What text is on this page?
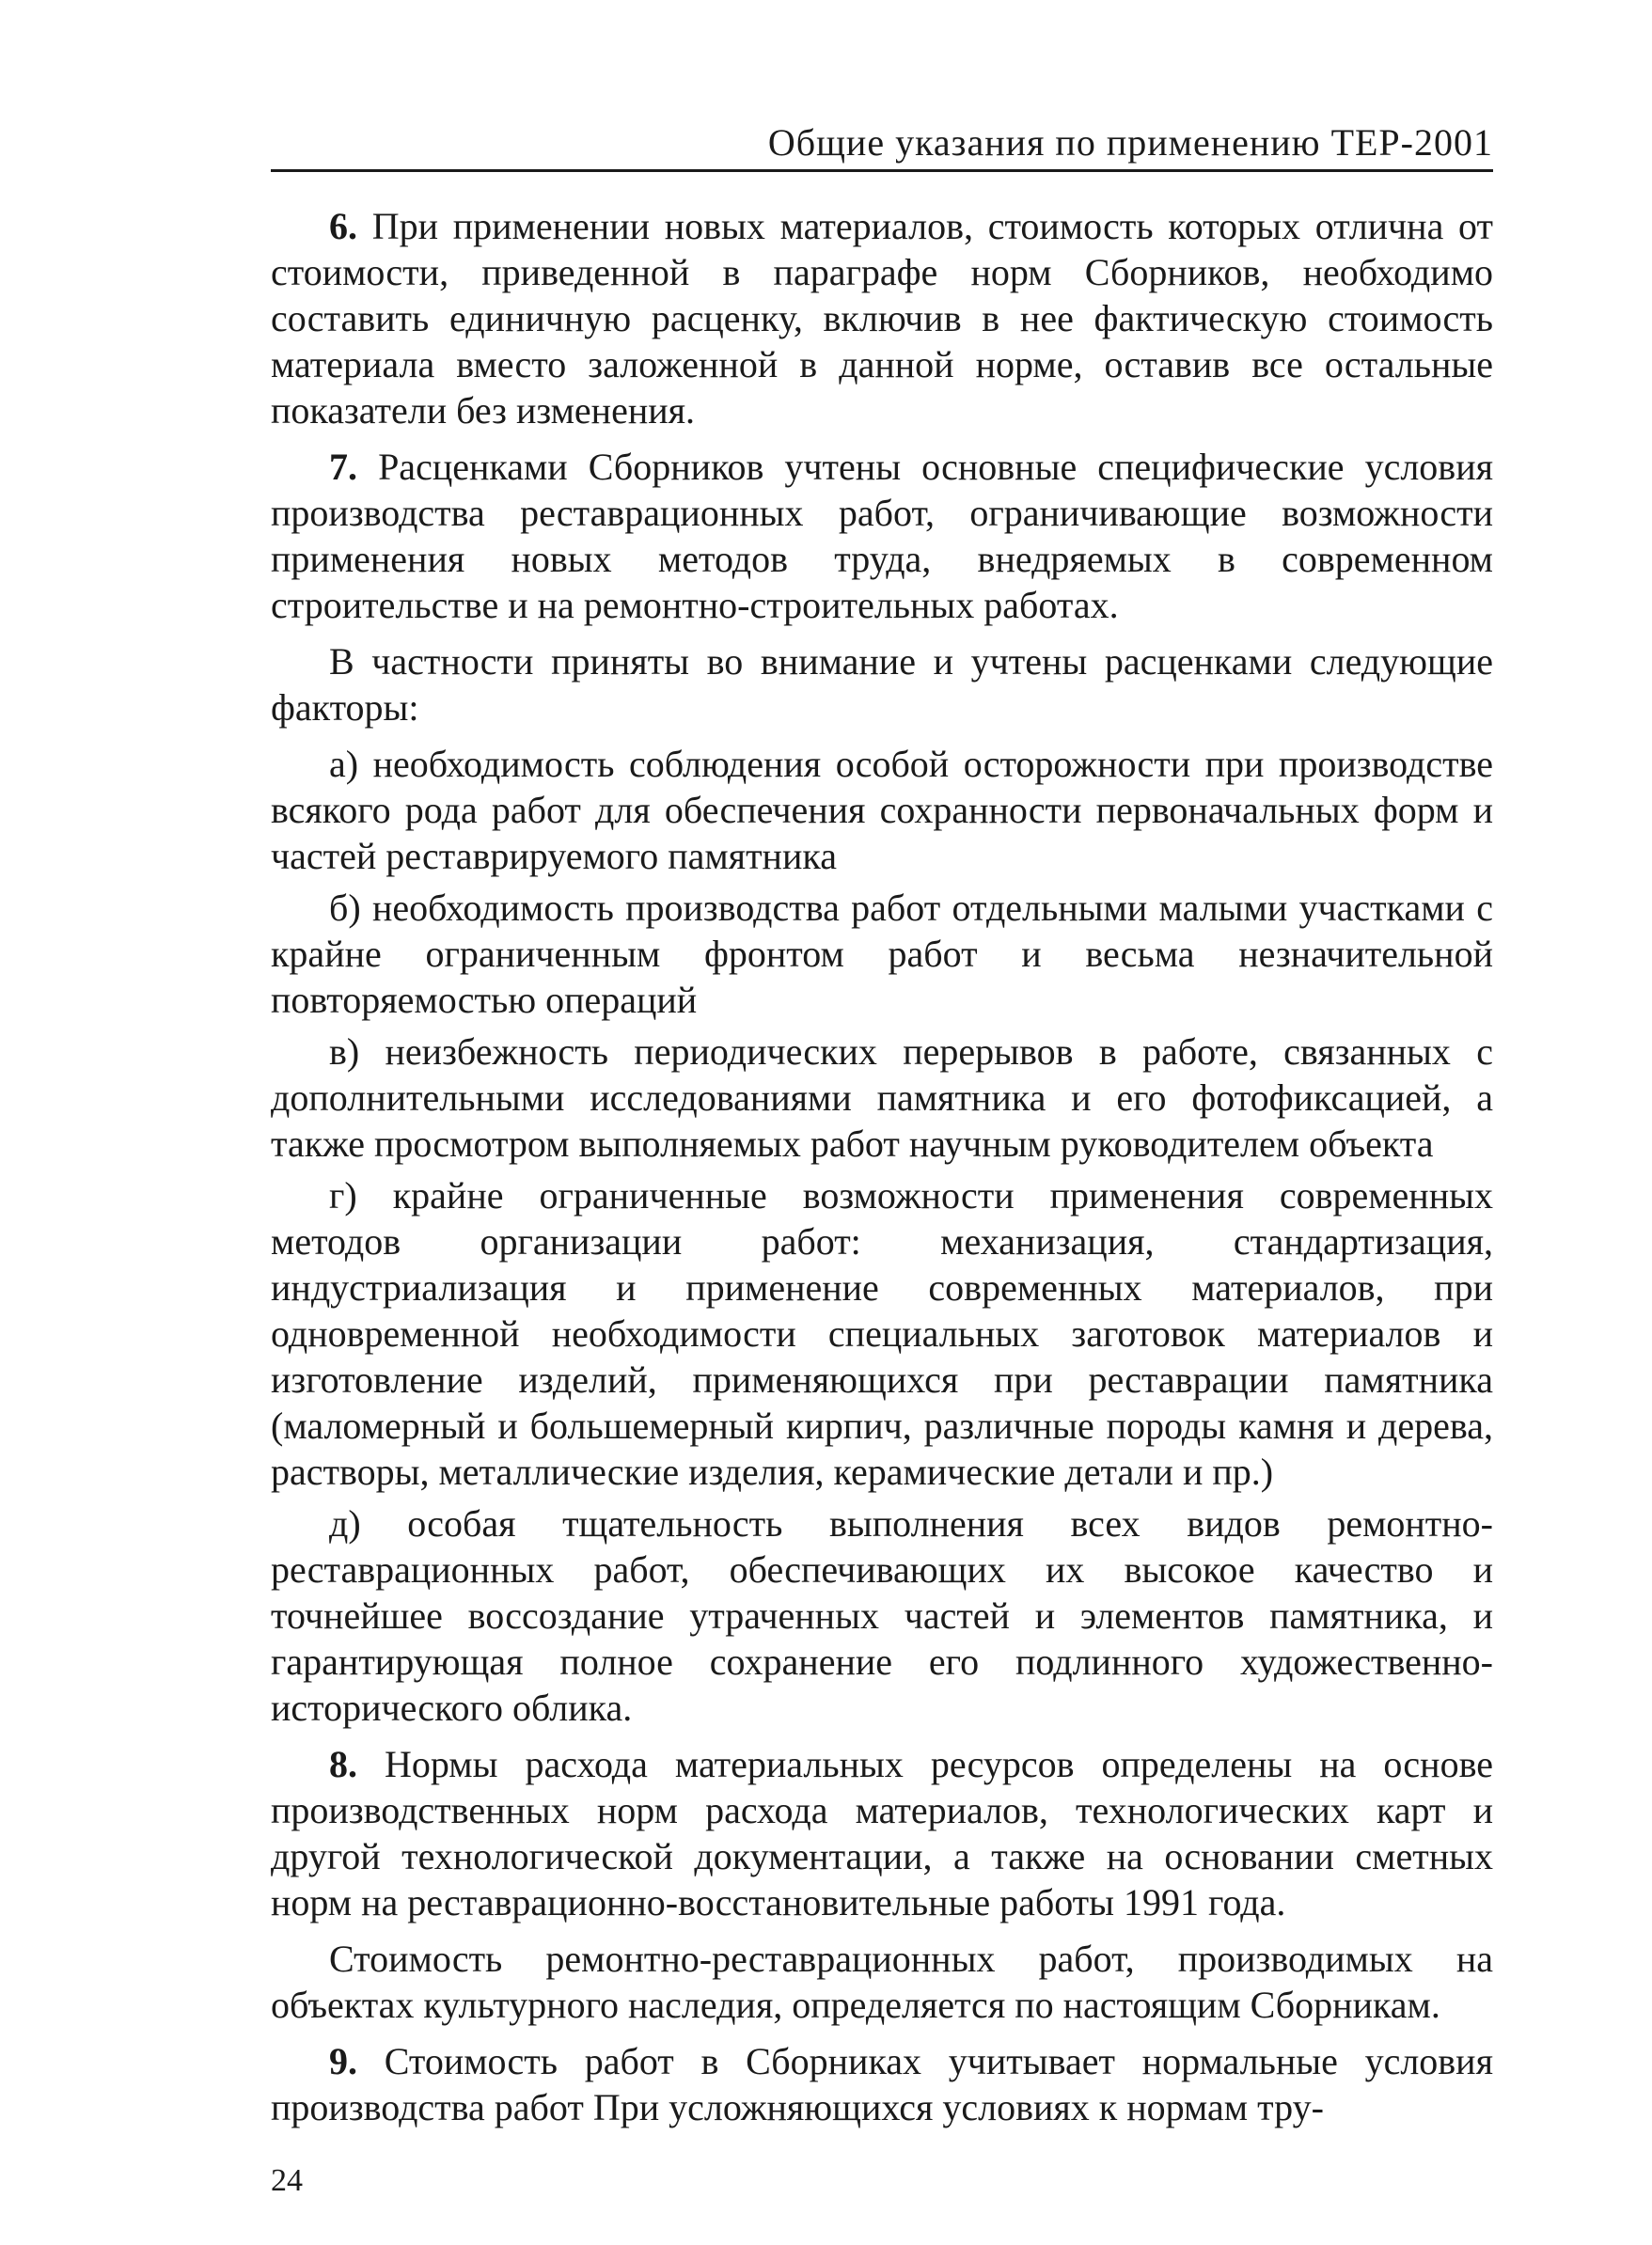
Общие указания по применению ТЕР-2001

6. При применении новых материалов, стоимость которых отлична от стоимости, приведенной в параграфе норм Сборников, необходимо составить единичную расценку, включив в нее фактическую стоимость материала вместо заложенной в данной норме, оставив все остальные показатели без изменения.

7. Расценками Сборников учтены основные специфические условия производства реставрационных работ, ограничивающие возможности применения новых методов труда, внедряемых в современном строительстве и на ремонтно-строительных работах.

В частности приняты во внимание и учтены расценками следующие факторы:

а) необходимость соблюдения особой осторожности при производстве всякого рода работ для обеспечения сохранности первоначальных форм и частей реставрируемого памятника

б) необходимость производства работ отдельными малыми участками с крайне ограниченным фронтом работ и весьма незначительной повторяемостью операций

в) неизбежность периодических перерывов в работе, связанных с дополнительными исследованиями памятника и его фотофиксацией, а также просмотром выполняемых работ научным руководителем объекта

г) крайне ограниченные возможности применения современных методов организации работ: механизация, стандартизация, индустриализация и применение современных материалов, при одновременной необходимости специальных заготовок материалов и изготовление изделий, применяющихся при реставрации памятника (маломерный и большемерный кирпич, различные породы камня и дерева, растворы, металлические изделия, керамические детали и пр.)

д) особая тщательность выполнения всех видов ремонтно-реставрационных работ, обеспечивающих их высокое качество и точнейшее воссоздание утраченных частей и элементов памятника, и гарантирующая полное сохранение его подлинного художественно-исторического облика.

8. Нормы расхода материальных ресурсов определены на основе производственных норм расхода материалов, технологических карт и другой технологической документации, а также на основании сметных норм на реставрационно-восстановительные работы 1991 года.

Стоимость ремонтно-реставрационных работ, производимых на объектах культурного наследия, определяется по настоящим Сборникам.

9. Стоимость работ в Сборниках учитывает нормальные условия производства работ При усложняющихся условиях к нормам тру-

24
